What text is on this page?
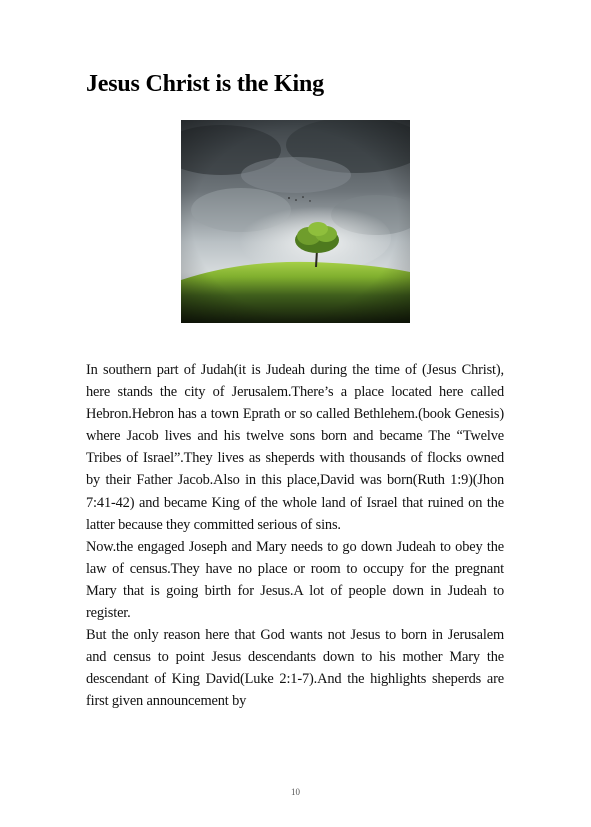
Jesus Christ is the King

In southern part of Judah(it is Judeah during the time of (Jesus Christ), here stands the city of Jerusalem.There’s a place located here called Hebron.Hebron has a town Eprath or so called Bethlehem.(book Genesis) where Jacob lives and his twelve sons born and became The “Twelve Tribes of Israel”.They lives as sheperds with thousands of flocks owned by their Father Jacob.Also in this place,David was born(Ruth 1:9)(Jhon 7:41-42) and became King of the whole land of Israel that ruined on the latter because they committed serious of sins.

Now.the engaged Joseph and Mary needs to go down Judeah to obey the law of census.They have no place or room to occupy for the pregnant Mary that is going birth for Jesus.A lot of people down in Judeah to register.

But the only reason here that God wants not Jesus to born in Jerusalem and census to point Jesus descendants down to his mother Mary the descendant of King David(Luke 2:1-7).And the highlights sheperds are first given announcement by

10
